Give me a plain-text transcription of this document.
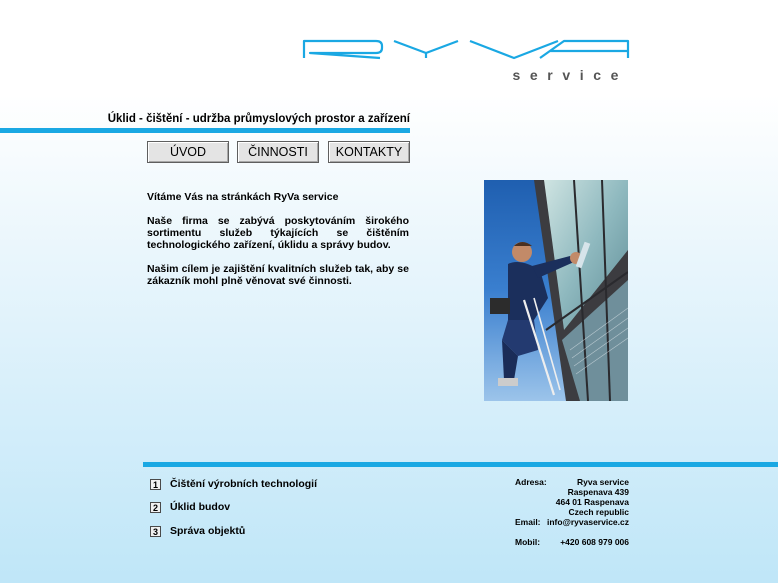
service
Úklid - čištění - udržba průmyslových prostor a zařízení
ÚVOD	ČINNOSTI	KONTAKTY

Vítáme Vás na stránkách RyVa service

Naše firma se zabývá poskytováním širokého sortimentu služeb týkajících se čištěním technologického zařízení, úklidu a správy budov.

Našim cílem je zajištění kvalitních služeb tak, aby se zákazník mohl plně věnovat své činnosti.

1 Čištění výrobních technologií
2 Úklid budov
3 Správa objektů
Adresa:	Ryva service
Raspenava 439
464 01 Raspenava
Czech republic
Email: info@ryvaservice.cz
Mobil: +420 608 979 006
